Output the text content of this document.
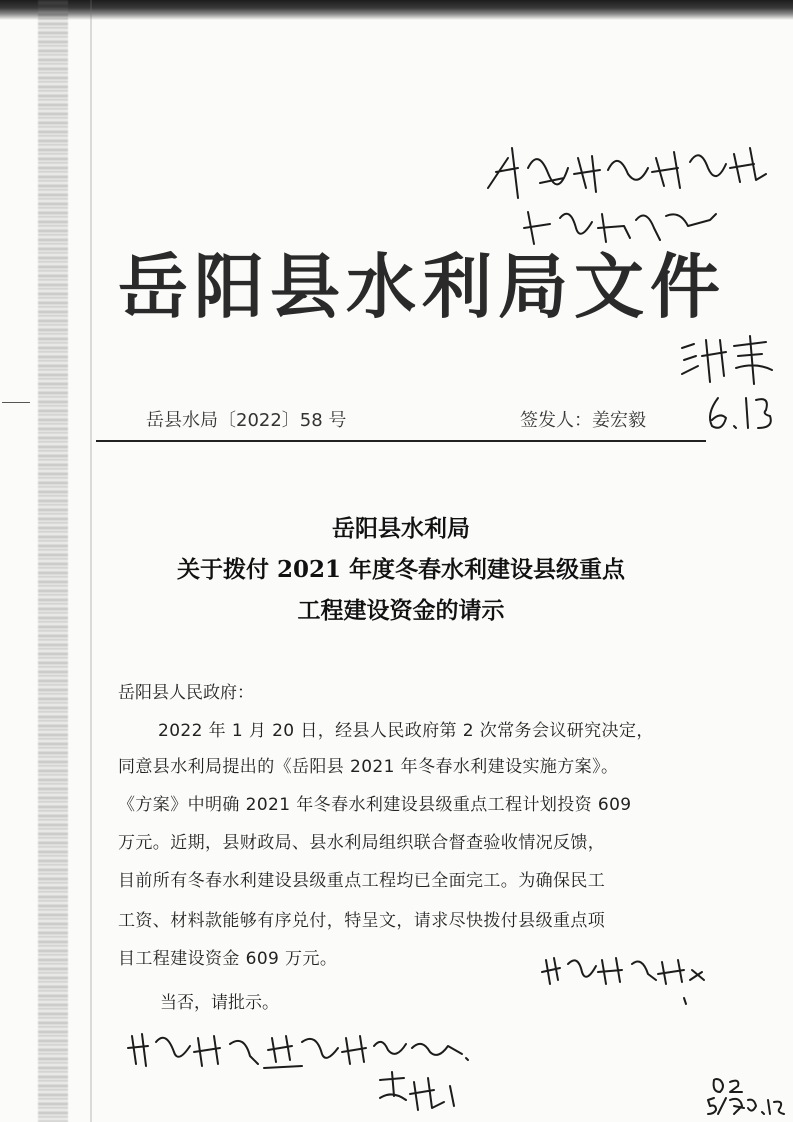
岳阳县水利局文件
岳县水局〔2022〕58 号	签发人：姜宏毅
岳阳县水利局
关于拨付 2021 年度冬春水利建设县级重点
工程建设资金的请示
岳阳县人民政府：
2022 年 1 月 20 日，经县人民政府第 2 次常务会议研究决定，
同意县水利局提出的《岳阳县 2021 年冬春水利建设实施方案》。
《方案》中明确 2021 年冬春水利建设县级重点工程计划投资 609
万元。近期，县财政局、县水利局组织联合督查验收情况反馈，
目前所有冬春水利建设县级重点工程均已全面完工。为确保民工
工资、材料款能够有序兑付，特呈文，请求尽快拨付县级重点项
目工程建设资金 609 万元。
当否，请批示。
